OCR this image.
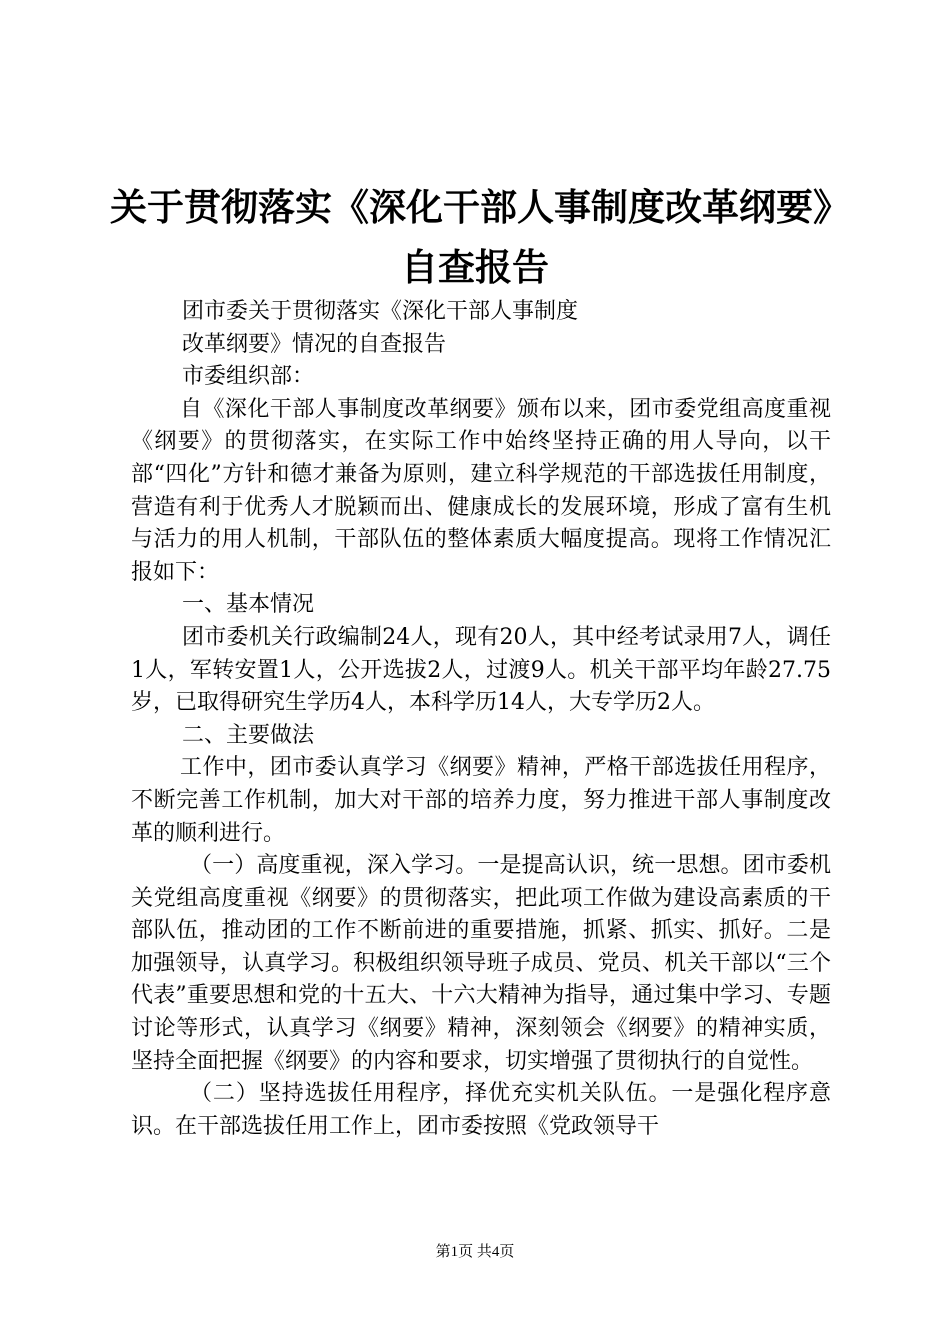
关于贯彻落实《深化干部人事制度改革纲要》
自查报告

团市委关于贯彻落实《深化干部人事制度

改革纲要》情况的自查报告

市委组织部：

自《深化干部人事制度改革纲要》颁布以来，团市委党组高度重视《纲要》的贯彻落实，在实际工作中始终坚持正确的用人导向，以干部“四化”方针和德才兼备为原则，建立科学规范的干部选拔任用制度，营造有利于优秀人才脱颖而出、健康成长的发展环境，形成了富有生机与活力的用人机制，干部队伍的整体素质大幅度提高。现将工作情况汇报如下：

一、基本情况

团市委机关行政编制24人，现有20人，其中经考试录用7人，调任1人，军转安置1人，公开选拔2人，过渡9人。机关干部平均年龄27.75岁，已取得研究生学历4人，本科学历14人，大专学历2人。

二、主要做法

工作中，团市委认真学习《纲要》精神，严格干部选拔任用程序，不断完善工作机制，加大对干部的培养力度，努力推进干部人事制度改革的顺利进行。

（一）高度重视，深入学习。一是提高认识，统一思想。团市委机关党组高度重视《纲要》的贯彻落实，把此项工作做为建设高素质的干部队伍，推动团的工作不断前进的重要措施，抓紧、抓实、抓好。二是加强领导，认真学习。积极组织领导班子成员、党员、机关干部以“三个代表”重要思想和党的十五大、十六大精神为指导，通过集中学习、专题讨论等形式，认真学习《纲要》精神，深刻领会《纲要》的精神实质，坚持全面把握《纲要》的内容和要求，切实增强了贯彻执行的自觉性。

（二）坚持选拔任用程序，择优充实机关队伍。一是强化程序意识。在干部选拔任用工作上，团市委按照《党政领导干

第1页 共4页
